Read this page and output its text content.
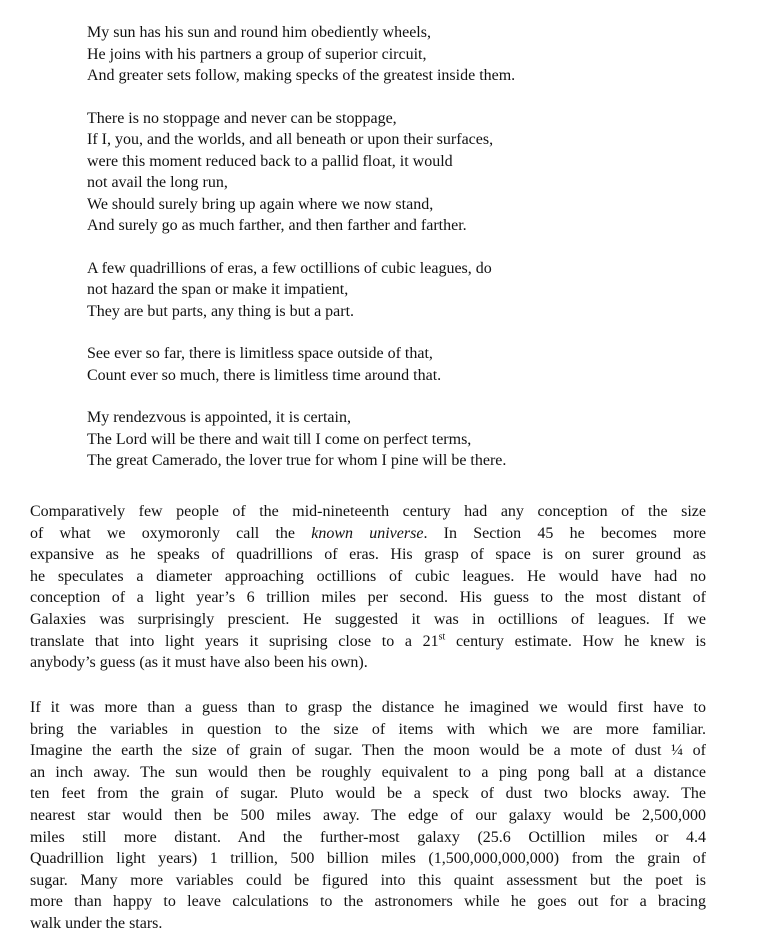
My sun has his sun and round him obediently wheels,
He joins with his partners a group of superior circuit,
And greater sets follow, making specks of the greatest inside them.
There is no stoppage and never can be stoppage,
If I, you, and the worlds, and all beneath or upon their surfaces,
were this moment reduced back to a pallid float, it would
not avail the long run,
We should surely bring up again where we now stand,
And surely go as much farther, and then farther and farther.
A few quadrillions of eras, a few octillions of cubic leagues, do
not hazard the span or make it impatient,
They are but parts, any thing is but a part.
See ever so far, there is limitless space outside of that,
Count ever so much, there is limitless time around that.
My rendezvous is appointed, it is certain,
The Lord will be there and wait till I come on perfect terms,
The great Camerado, the lover true for whom I pine will be there.
Comparatively few people of the mid-nineteenth century had any conception of the size
of what we oxymoronly call the known universe. In Section 45 he becomes more
expansive as he speaks of quadrillions of eras. His grasp of space is on surer ground as
he speculates a diameter approaching octillions of cubic leagues. He would have had no
conception of a light year’s 6 trillion miles per second. His guess to the most distant of
Galaxies was surprisingly prescient. He suggested it was in octillions of leagues. If we
translate that into light years it suprising close to a 21st century estimate. How he knew is
anybody’s guess (as it must have also been his own).
If it was more than a guess than to grasp the distance he imagined we would first have to
bring the variables in question to the size of items with which we are more familiar.
Imagine the earth the size of grain of sugar. Then the moon would be a mote of dust ¼ of
an inch away. The sun would then be roughly equivalent to a ping pong ball at a distance
ten feet from the grain of sugar. Pluto would be a speck of dust two blocks away. The
nearest star would then be 500 miles away. The edge of our galaxy would be 2,500,000
miles still more distant. And the further-most galaxy (25.6 Octillion miles or 4.4
Quadrillion light years) 1 trillion, 500 billion miles (1,500,000,000,000) from the grain of
sugar. Many more variables could be figured into this quaint assessment but the poet is
more than happy to leave calculations to the astronomers while he goes out for a bracing
walk under the stars.
